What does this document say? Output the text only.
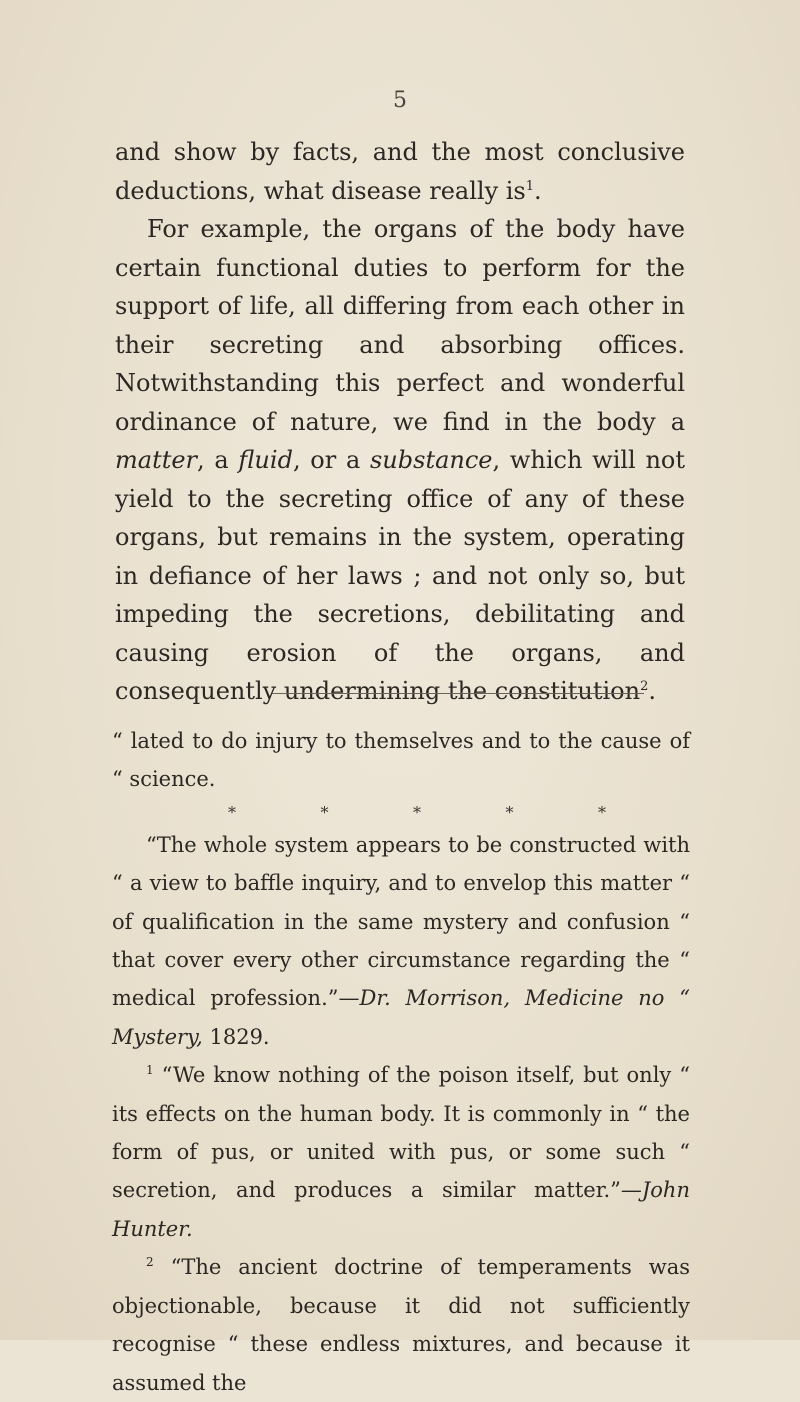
5

and show by facts, and the most conclusive deductions, what disease really $is^1$.

For example, the organs of the body have certain functional duties to perform for the support of life, all differing from each other in their secreting and absorbing offices. Notwithstanding this perfect and wonderful ordinance of nature, we find in the body a matter, a fluid, or a substance, which will not yield to the secreting office of any of these organs, but remains in the system, operating in defiance of her laws ; and not only so, but impeding the secretions, debilitating and causing erosion of the organs, and consequently undermining the constitution$^2$.

“ lated to do injury to themselves and to the cause of “ science.

*	*	*	*	*

“The whole system appears to be constructed with “ a view to baffle inquiry, and to envelop this matter “ of qualification in the same mystery and confusion “ that cover every other circumstance regarding the “ medical profession.”—Dr. Morrison, Medicine no “ Mystery, 1829.

$^1$ “We know nothing of the poison itself, but only “ its effects on the human body. It is commonly in “ the form of pus, or united with pus, or some such “ secretion, and produces a similar matter.”—John Hunter.

$^2$ “The ancient doctrine of temperaments was objectionable, because it did not sufficiently recognise “ these endless mixtures, and because it assumed the
